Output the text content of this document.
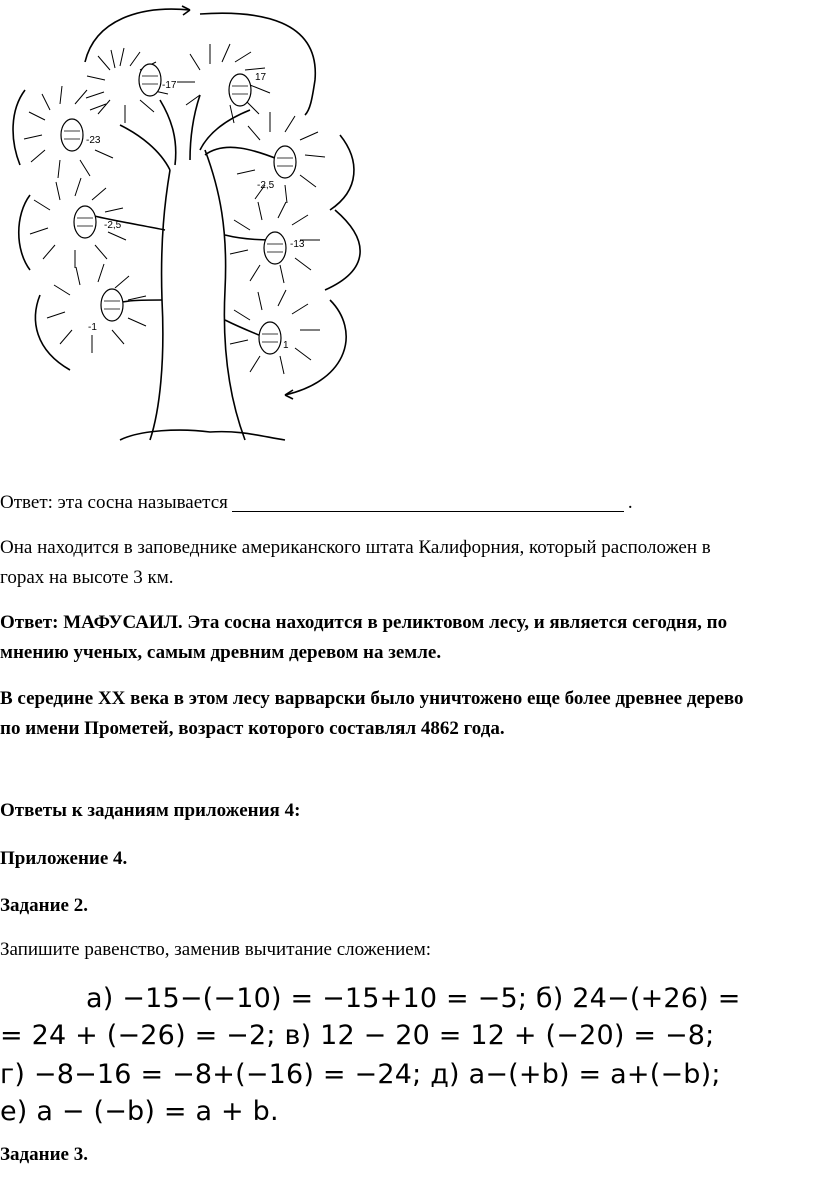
-17
17
-23
-2,5
-2,5
-13
-1
1

Ответ: эта сосна называется	.

Она находится в заповеднике американского штата Калифорния, который расположен в горах на высоте 3 км.

Ответ: МАФУСАИЛ. Эта сосна находится в реликтовом лесу, и является сегодня, по мнению ученых, самым древним деревом на земле.

В середине XX века в этом лесу варварски было уничтожено еще более древнее дерево по имени Прометей, возраст которого составлял 4862 года.

Ответы к заданиям приложения 4:

Приложение 4.

Задание 2.

Запишите равенство, заменив вычитание сложением:

а) −15−(−10) = −15+10 = −5; б) 24−(+26) =
= 24 + (−26) = −2; в) 12 − 20 = 12 + (−20) = −8;
г) −8−16 = −8+(−16) = −24; д) a−(+b) = a+(−b);
е) a − (−b) = a + b.

Задание 3.
